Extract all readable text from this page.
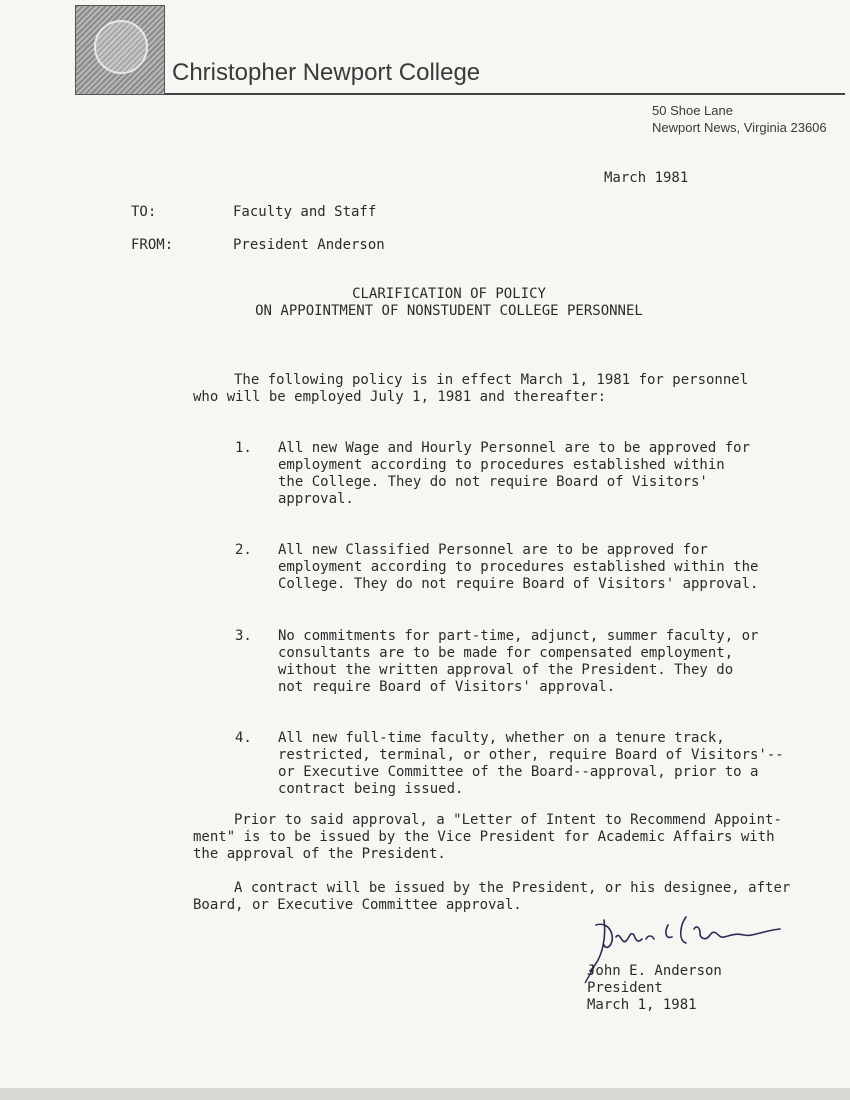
Christopher Newport College
50 Shoe Lane
Newport News, Virginia 23606
March 1981
TO:	Faculty and Staff
FROM:	President Anderson
CLARIFICATION OF POLICY
ON APPOINTMENT OF NONSTUDENT COLLEGE PERSONNEL
The following policy is in effect March 1, 1981 for personnel
who will be employed July 1, 1981 and thereafter:
1. All new Wage and Hourly Personnel are to be approved for
employment according to procedures established within
the College. They do not require Board of Visitors'
approval.
2. All new Classified Personnel are to be approved for
employment according to procedures established within the
College. They do not require Board of Visitors' approval.
3. No commitments for part-time, adjunct, summer faculty, or
consultants are to be made for compensated employment,
without the written approval of the President. They do
not require Board of Visitors' approval.
4. All new full-time faculty, whether on a tenure track,
restricted, terminal, or other, require Board of Visitors'--
or Executive Committee of the Board--approval, prior to a
contract being issued.
Prior to said approval, a "Letter of Intent to Recommend Appoint-
ment" is to be issued by the Vice President for Academic Affairs with
the approval of the President.
A contract will be issued by the President, or his designee, after
Board, or Executive Committee approval.
John E. Anderson
President
March 1, 1981
